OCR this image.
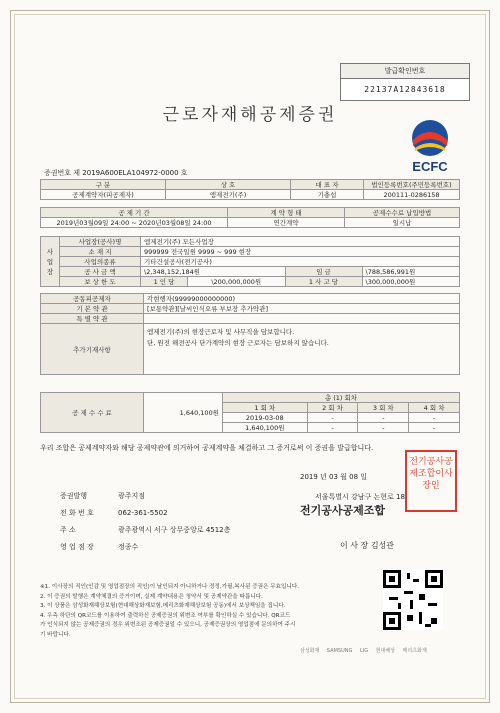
발급확인번호
22137A12843618
근로자재해공제증권
ECFC
증권번호 제 2019A600ELA104972-0000 호
구 분	상 호	대 표 자	법인등록번호(주민등록번호)
공제계약자(피공제자)	엠제전기(주)	기충섭	200111-0286158
공 제 기 간	계 약 형 태	공제수수료 납입방법
2019년03월09일 24:00 ~ 2020년03월08일 24:00	연간계약	일시납
사업장	사업장(공사)명	엠제전기(주) 모든사업장			
	소 재 지	999999 전국일원 9999 ~ 999 현장			
	사업의종류	기타건설공사(전기공사)			
	공 사 금 액	\2,348,152,184원		임 금	\788,586,991원
	보 상 한 도	1 인 당	\200,000,000원	1 사 고 당	\300,000,000원
공동피공제자	각현행자(99999000000000)
기 본 약 관	[보통약관][날씨인식오류 부보장 추가약관]
특 별 약 관	
추가기재사항	엠제전기(주)의 현장근로자 및 사무직을 담보합니다.
단, 원전 해전공사 단가계약의 현장 근로자는 담보하지 않습니다.
공 제 수 수 료	1,640,100원	총 (1) 회차			
		1 회 차	2 회 차	3 회 차	4 회 차
		2019-03-08	-	-	-
		1,640,100원	-	-	-
우리 조합은 공제계약자와 해당 공제약관에 의거하여 공제계약을 체결하고 그 증거로써 이 증권을 발급합니다.
2019 년 03 월 08 일
증권발행	광주지점
전 화 번 호	062-361-5502
주 소	광주광역시 서구 상무중앙로 4512층
영 업 점 장	정종수
서울특별시 강남구 논현로 18
전기공사공제조합
이 사 장 김성관
전기공사공제조합이사장인
※1. 이사장의 직인(인감 및 영업점장의 직인)이 날인되지 아니하거나 정정,가필,복사된 증권은 무효입니다.
2. 이 증권의 발행은 계약체결의 증거이며, 실제 계약내용은 청약서 및 공제약관을 따릅니다.
3. 이 상품은 삼성화재해상보험(현대해상화재보험,메리츠화재해상보험 공동)에서 보상책임을 집니다.
4. 우측 하단의 QR코드를 이용하여 출력하신 공제증권의 위변조 여부를 확인하실 수 있습니다. QR코드
가 인식되지 않는 공제증권의 경우 위변조된 공제증권일 수 있으니, 공제증권상의 영업점에 문의하여 주시
기 바랍니다.
삼성화재 SAMSUNG LIG 현대해상 메리츠화재
